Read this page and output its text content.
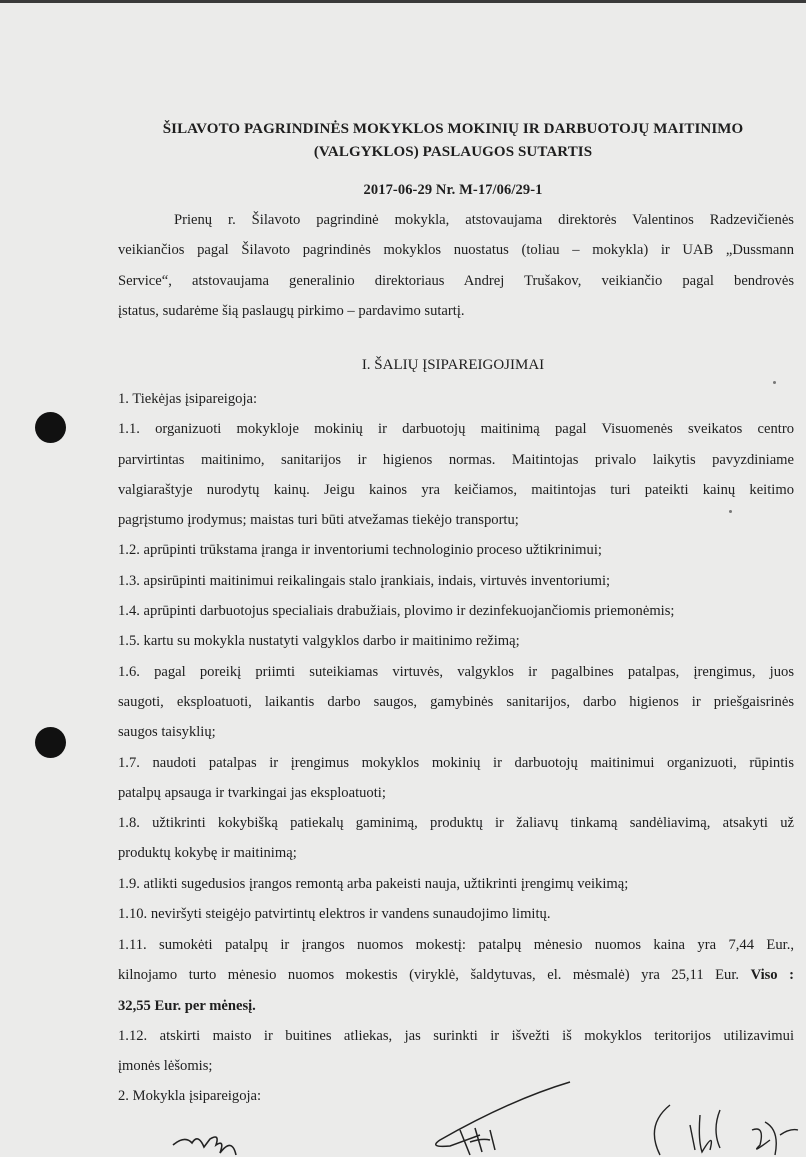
ŠILAVOTO PAGRINDINĖS MOKYKLOS MOKINIŲ IR DARBUOTOJŲ MAITINIMO
(VALGYKLOS) PASLAUGOS SUTARTIS
2017-06-29 Nr. M-17/06/29-1
Prienų r. Šilavoto pagrindinė mokykla, atstovaujama direktorės Valentinos Radzevičienės
veikiančios pagal Šilavoto pagrindinės mokyklos nuostatus (toliau – mokykla) ir UAB „Dussmann
Service“, atstovaujama generalinio direktoriaus Andrej Trušakov, veikiančio pagal bendrovės
įstatus, sudarėme šią paslaugų pirkimo – pardavimo sutartį.
I. ŠALIŲ ĮSIPAREIGOJIMAI
1. Tiekėjas įsipareigoja:
1.1. organizuoti mokykloje mokinių ir darbuotojų maitinimą pagal Visuomenės sveikatos centro
parvirtintas maitinimo, sanitarijos ir higienos normas. Maitintojas privalo laikytis pavyzdiniame
valgiaraštyje nurodytų kainų. Jeigu kainos yra keičiamos, maitintojas turi pateikti kainų keitimo
pagrįstumo įrodymus; maistas turi būti atvežamas tiekėjo transportu;
1.2. aprūpinti trūkstama įranga ir inventoriumi technologinio proceso užtikrinimui;
1.3. apsirūpinti maitinimui reikalingais stalo įrankiais, indais, virtuvės inventoriumi;
1.4. aprūpinti darbuotojus specialiais drabužiais, plovimo ir dezinfekuojančiomis priemonėmis;
1.5. kartu su mokykla nustatyti valgyklos darbo ir maitinimo režimą;
1.6. pagal poreikį priimti suteikiamas virtuvės, valgyklos ir pagalbines patalpas, įrengimus, juos
saugoti, eksploatuoti, laikantis darbo saugos, gamybinės sanitarijos, darbo higienos ir priešgaisrinės
saugos taisyklių;
1.7. naudoti patalpas ir įrengimus mokyklos mokinių ir darbuotojų maitinimui organizuoti, rūpintis
patalpų apsauga ir tvarkingai jas eksploatuoti;
1.8. užtikrinti kokybišką patiekalų gaminimą, produktų ir žaliavų tinkamą sandėliavimą, atsakyti už
produktų kokybę ir maitinimą;
1.9. atlikti sugedusios įrangos remontą arba pakeisti nauja, užtikrinti įrengimų veikimą;
1.10. neviršyti steigėjo patvirtintų elektros ir vandens sunaudojimo limitų.
1.11. sumokėti patalpų ir įrangos nuomos mokestį: patalpų mėnesio nuomos kaina yra 7,44 Eur.,
kilnojamo turto mėnesio nuomos mokestis (viryklė, šaldytuvas, el. mėsmalė) yra 25,11 Eur. Viso :
32,55 Eur. per mėnesį.
1.12. atskirti maisto ir buitines atliekas, jas surinkti ir išvežti iš mokyklos teritorijos utilizavimui
įmonės lėšomis;
2. Mokykla įsipareigoja:
